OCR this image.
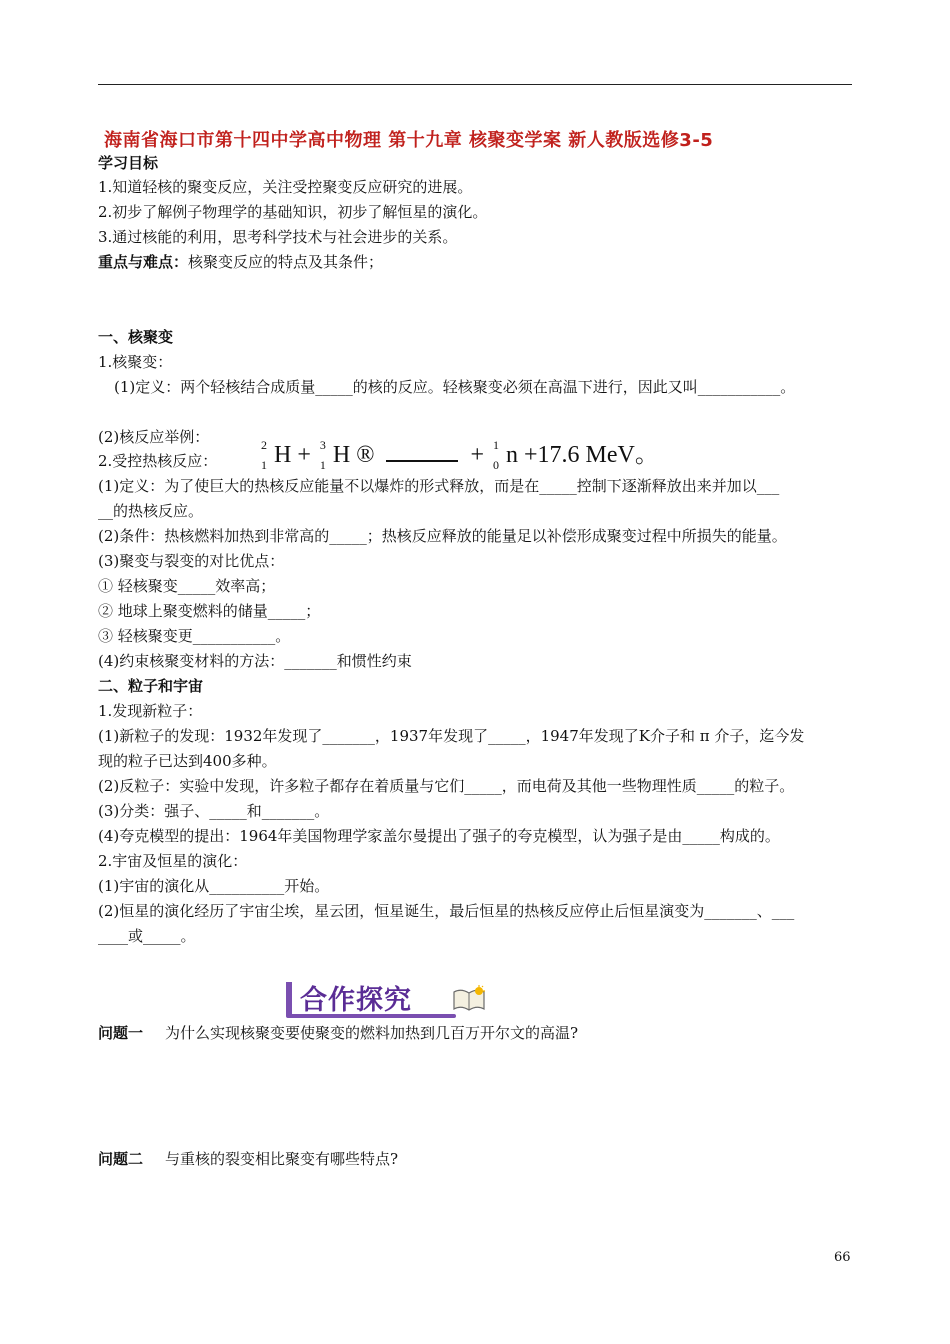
海南省海口市第十四中学高中物理 第十九章 核聚变学案 新人教版选修3-5
学习目标
1.知道轻核的聚变反应，关注受控聚变反应研究的进展。
2.初步了解例子物理学的基础知识，初步了解恒星的演化。
3.通过核能的利用，思考科学技术与社会进步的关系。
重点与难点：核聚变反应的特点及其条件；
一、核聚变
1.核聚变：
(1)定义：两个轻核结合成质量_____的核的反应。轻核聚变必须在高温下进行，因此又叫___________。
(2)核反应举例：
2.受控热核反应：
2
1 H + 3
1 H ®	+ 1
0 n +17.6 MeV。
(1)定义：为了使巨大的热核反应能量不以爆炸的形式释放，而是在_____控制下逐渐释放出来并加以___
__的热核反应。
(2)条件：热核燃料加热到非常高的_____；热核反应释放的能量足以补偿形成聚变过程中所损失的能量。
(3)聚变与裂变的对比优点：
① 轻核聚变_____效率高；
② 地球上聚变燃料的储量_____；
③ 轻核聚变更___________。
(4)约束核聚变材料的方法：_______和惯性约束
二、粒子和宇宙
1.发现新粒子：
(1)新粒子的发现：1932年发现了_______，1937年发现了_____，1947年发现了K介子和 π 介子，迄今发
现的粒子已达到400多种。
(2)反粒子：实验中发现，许多粒子都存在着质量与它们_____，而电荷及其他一些物理性质_____的粒子。
(3)分类：强子、_____和_______。
(4)夸克模型的提出：1964年美国物理学家盖尔曼提出了强子的夸克模型，认为强子是由_____构成的。
2.宇宙及恒星的演化：
(1)宇宙的演化从__________开始。
(2)恒星的演化经历了宇宙尘埃，星云团，恒星诞生，最后恒星的热核反应停止后恒星演变为_______、___
____或_____。
合作探究
问题一 为什么实现核聚变要使聚变的燃料加热到几百万开尔文的高温?
问题二 与重核的裂变相比聚变有哪些特点?
66
